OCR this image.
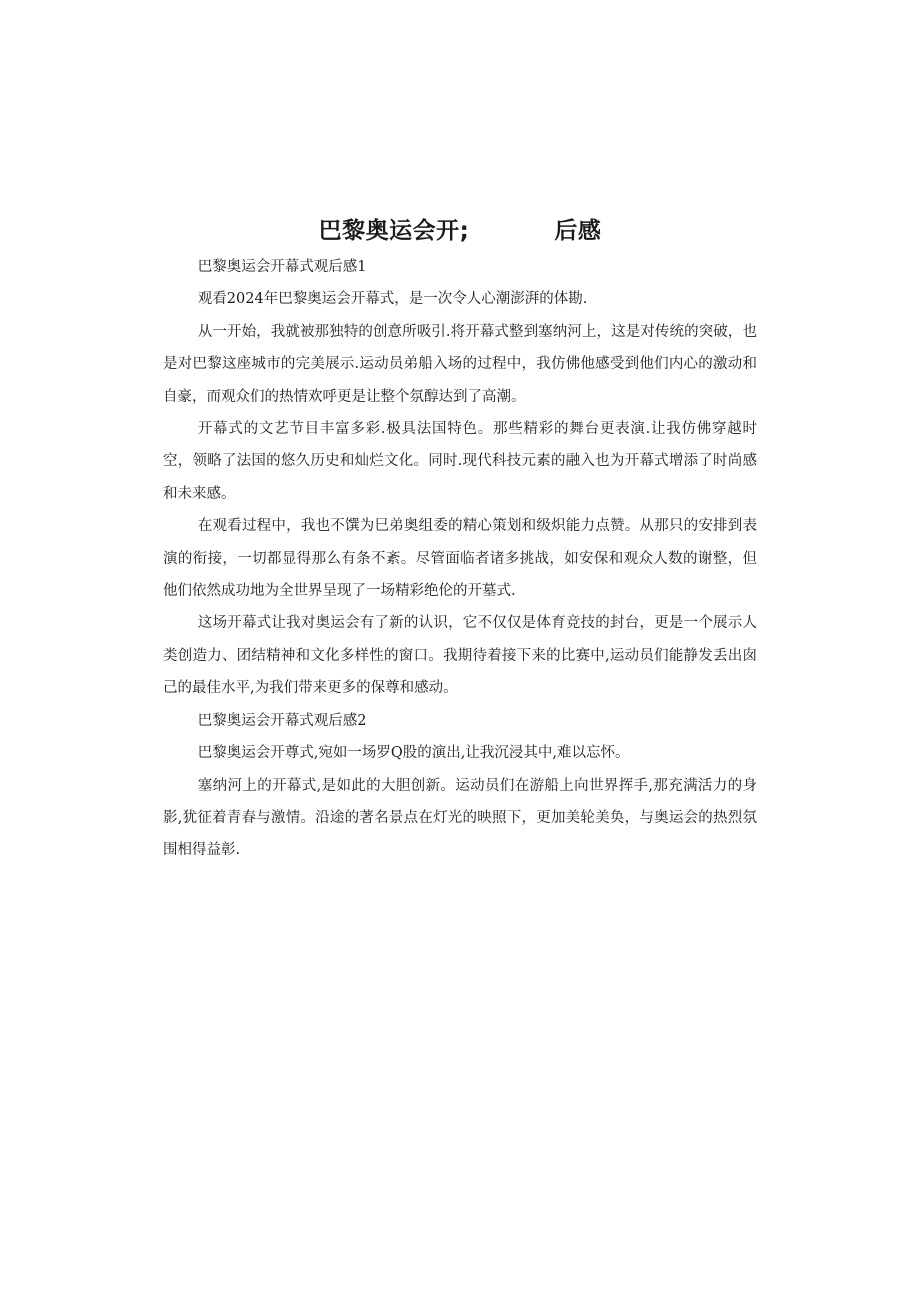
巴黎奥运会开;          后感

巴黎奥运会开幕式观后感1

观看2024年巴黎奥运会开幕式，是一次令人心潮澎湃的体勘.

从一开始，我就被那独特的创意所吸引.将开幕式整到塞纳河上，这是对传统的突破，也是对巴黎这座城市的完美展示.运动员弟船入场的过程中，我仿佛他感受到他们内心的激动和自豪，而观众们的热情欢呼更是让整个氛醇达到了高潮。

开幕式的文艺节目丰富多彩.极具法国特色。那些精彩的舞台更表演.让我仿佛穿越时空，领略了法国的悠久历史和灿烂文化。同时.现代科技元素的融入也为开幕式增添了时尚感和未来感。

在观看过程中，我也不馔为巳弟奥组委的精心策划和级炽能力点赞。从那只的安排到表演的衔接，一切都显得那么有条不紊。尽管面临者诸多挑战，如安保和观众人数的谢整，但他们依然成功地为全世界呈现了一场精彩绝伦的开墓式.

这场开幕式让我对奥运会有了新的认识，它不仅仅是体育竞技的封台，更是一个展示人类创造力、团结精神和文化多样性的窗口。我期待着接下来的比赛中,运动员们能静发丢出囱己的最佳水平,为我们带来更多的保尊和感动。

巴黎奥运会开幕式观后感2

巴黎奥运会开尊式,宛如一场罗Q股的演出,让我沉浸其中,难以忘怀。

塞纳河上的开幕式,是如此的大胆创新。运动员们在游船上向世界挥手,那充满活力的身影,犹征着青春与激情。沿途的著名景点在灯光的映照下，更加美轮美奂，与奥运会的热烈氛围相得益彰.
